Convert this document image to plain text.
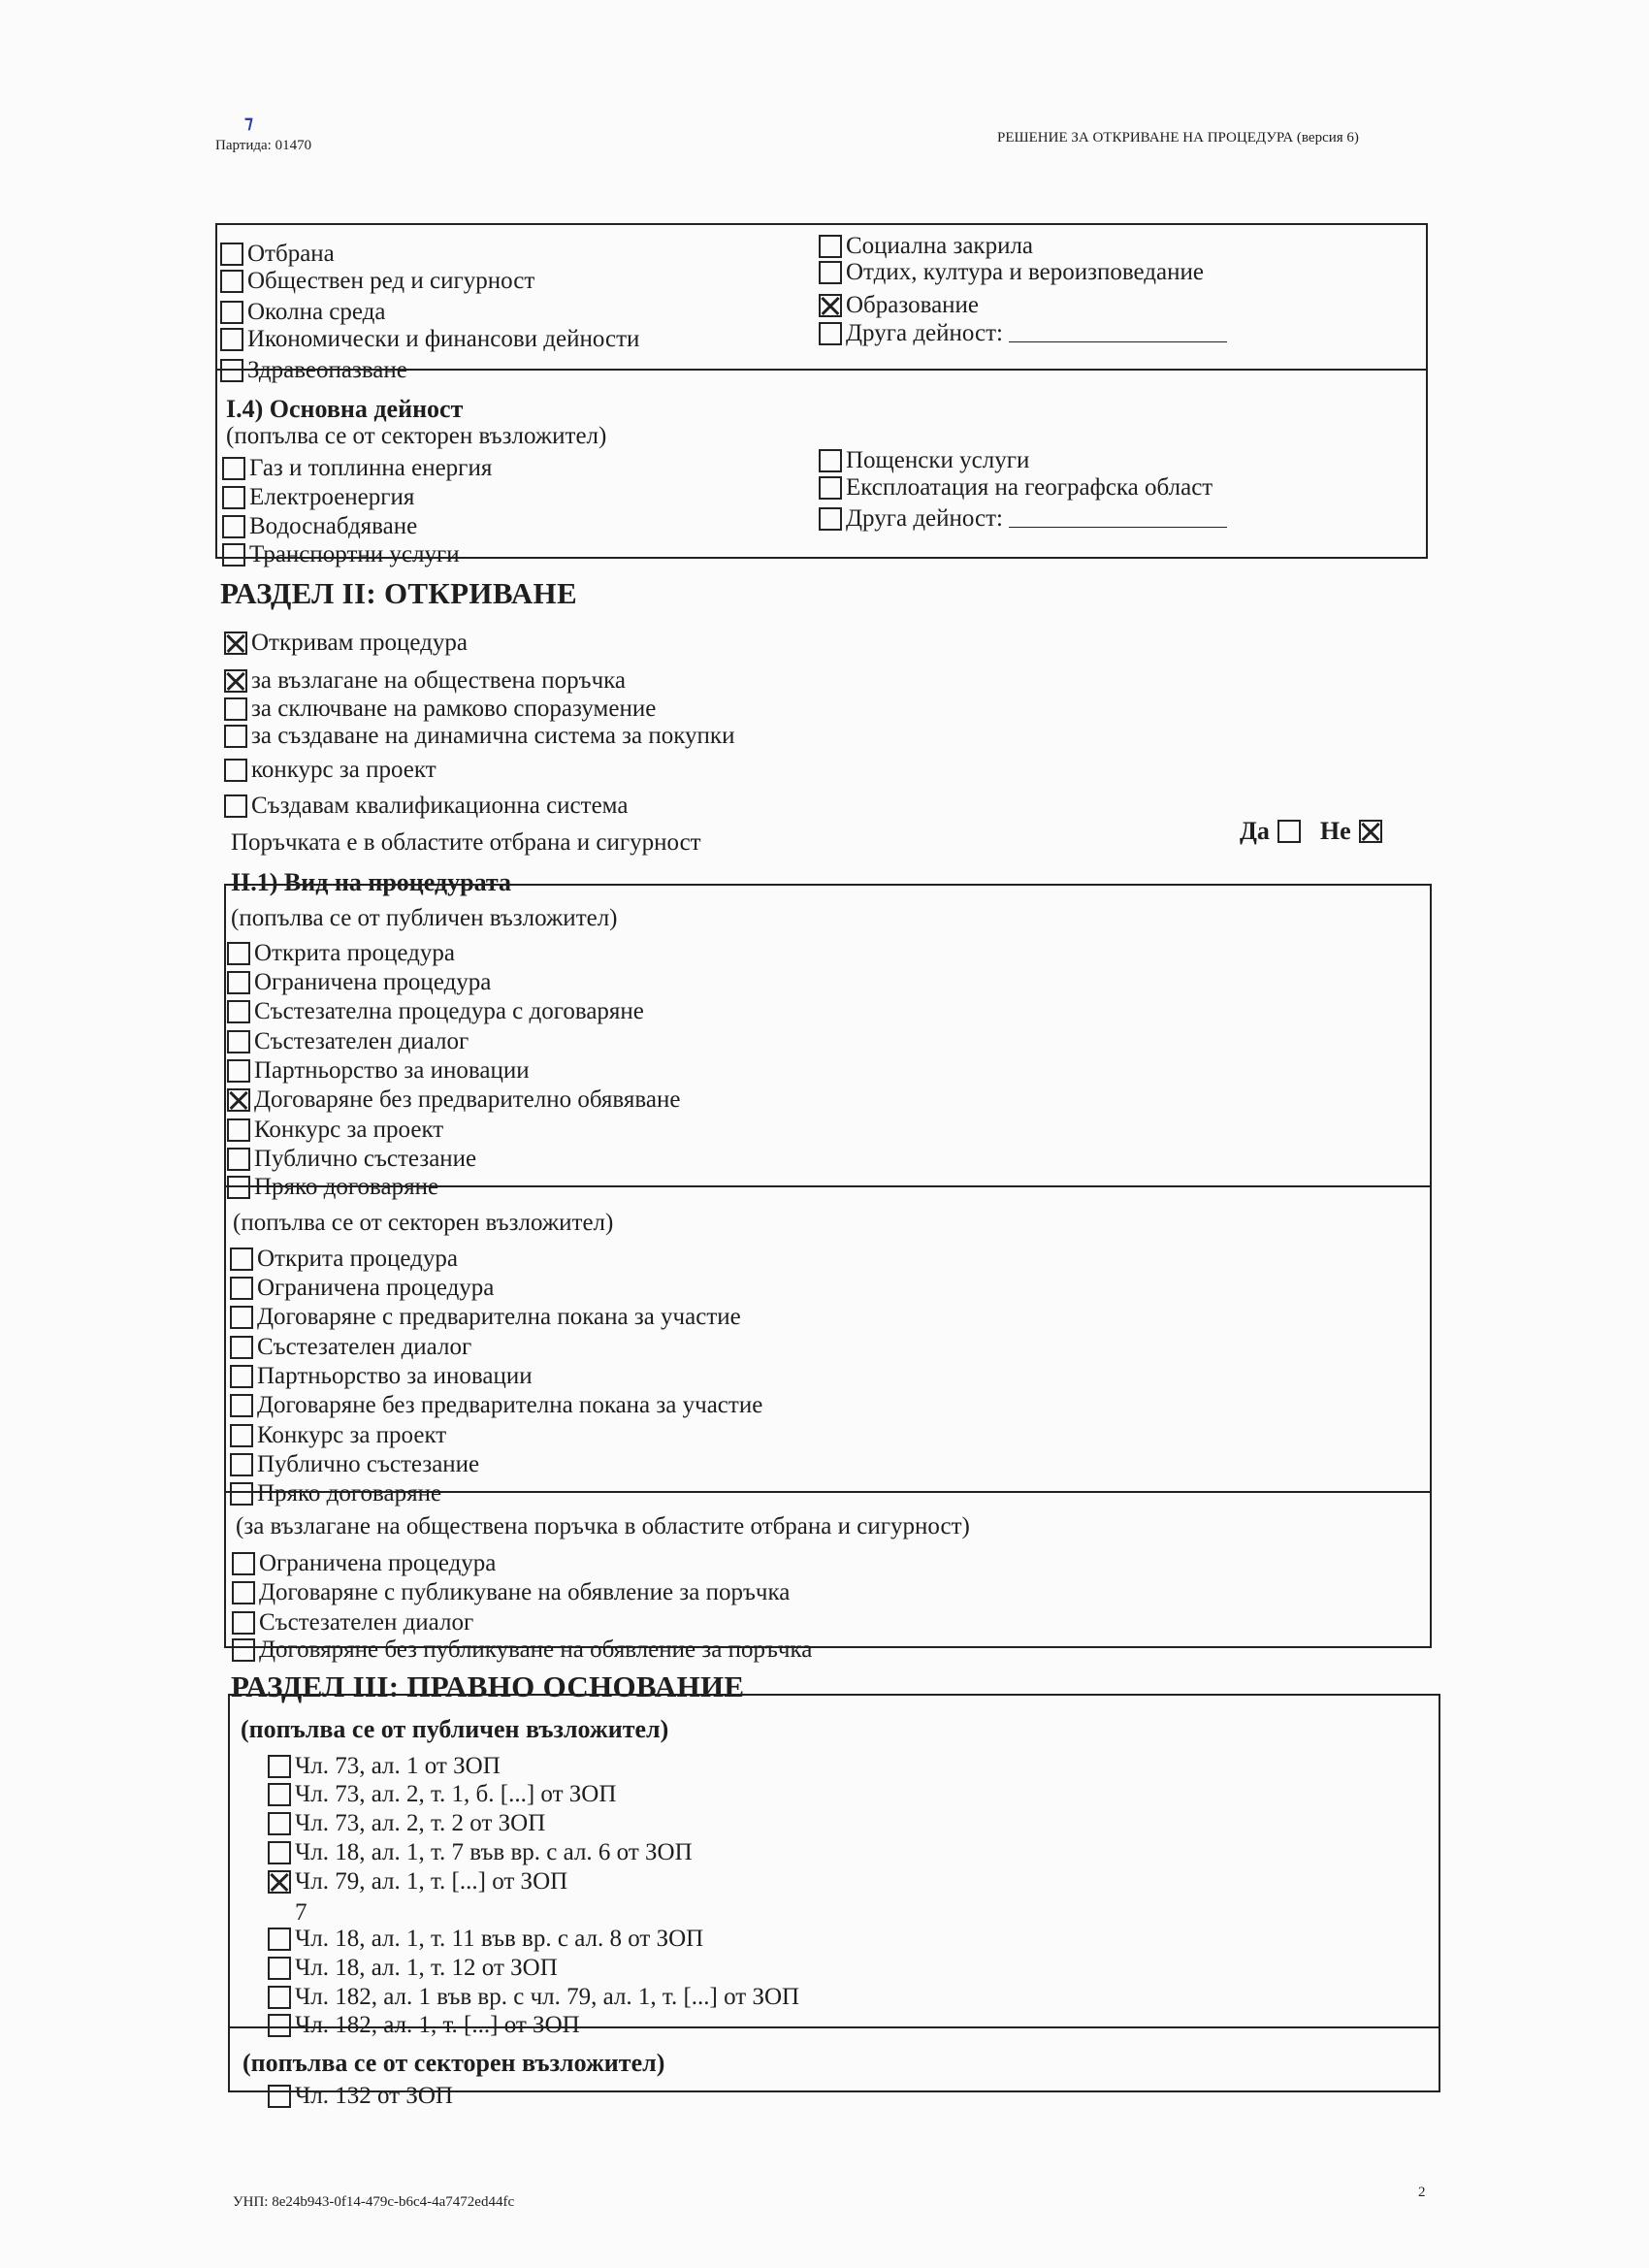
⁊
Партида: 01470	РЕШЕНИЕ ЗА ОТКРИВАНЕ НА ПРОЦЕДУРА (версия 6)
Отбрана
Обществен ред и сигурност
Околна среда
Икономически и финансови дейности
Здравеопазване
Социална закрила
Отдих, култура и вероизповедание
Образование
Друга дейност:
I.4) Основна дейност
(попълва се от секторен възложител)
Газ и топлинна енергия
Електроенергия
Водоснабдяване
Транспортни услуги
Пощенски услуги
Експлоатация на географска област
Друга дейност:
РАЗДЕЛ II: ОТКРИВАНЕ
Откривам процедура
за възлагане на обществена поръчка
за сключване на рамково споразумение
за създаване на динамична система за покупки
конкурс за проект
Създавам квалификационна система
Поръчката е в областите отбрана и сигурност	Да Не
II.1) Вид на процедурата
(попълва се от публичен възложител)
Открита процедура
Ограничена процедура
Състезателна процедура с договаряне
Състезателен диалог
Партньорство за иновации
Договаряне без предварително обявяване
Конкурс за проект
Публично състезание
Пряко договаряне
(попълва се от секторен възложител)
Открита процедура
Ограничена процедура
Договаряне с предварителна покана за участие
Състезателен диалог
Партньорство за иновации
Договаряне без предварителна покана за участие
Конкурс за проект
Публично състезание
Пряко договаряне
(за възлагане на обществена поръчка в областите отбрана и сигурност)
Ограничена процедура
Договаряне с публикуване на обявление за поръчка
Състезателен диалог
Договяряне без публикуване на обявление за поръчка
РАЗДЕЛ III: ПРАВНО ОСНОВАНИЕ
(попълва се от публичен възложител)
Чл. 73, ал. 1 от ЗОП
Чл. 73, ал. 2, т. 1, б. [...] от ЗОП
Чл. 73, ал. 2, т. 2 от ЗОП
Чл. 18, ал. 1, т. 7 във вр. с ал. 6 от ЗОП
Чл. 79, ал. 1, т. [...] от ЗОП
7
Чл. 18, ал. 1, т. 11 във вр. с ал. 8 от ЗОП
Чл. 18, ал. 1, т. 12 от ЗОП
Чл. 182, ал. 1 във вр. с чл. 79, ал. 1, т. [...] от ЗОП
Чл. 182, ал. 1, т. [...] от ЗОП
(попълва се от секторен възложител)
Чл. 132 от ЗОП
2
УНП: 8e24b943-0f14-479c-b6c4-4a7472ed44fc
